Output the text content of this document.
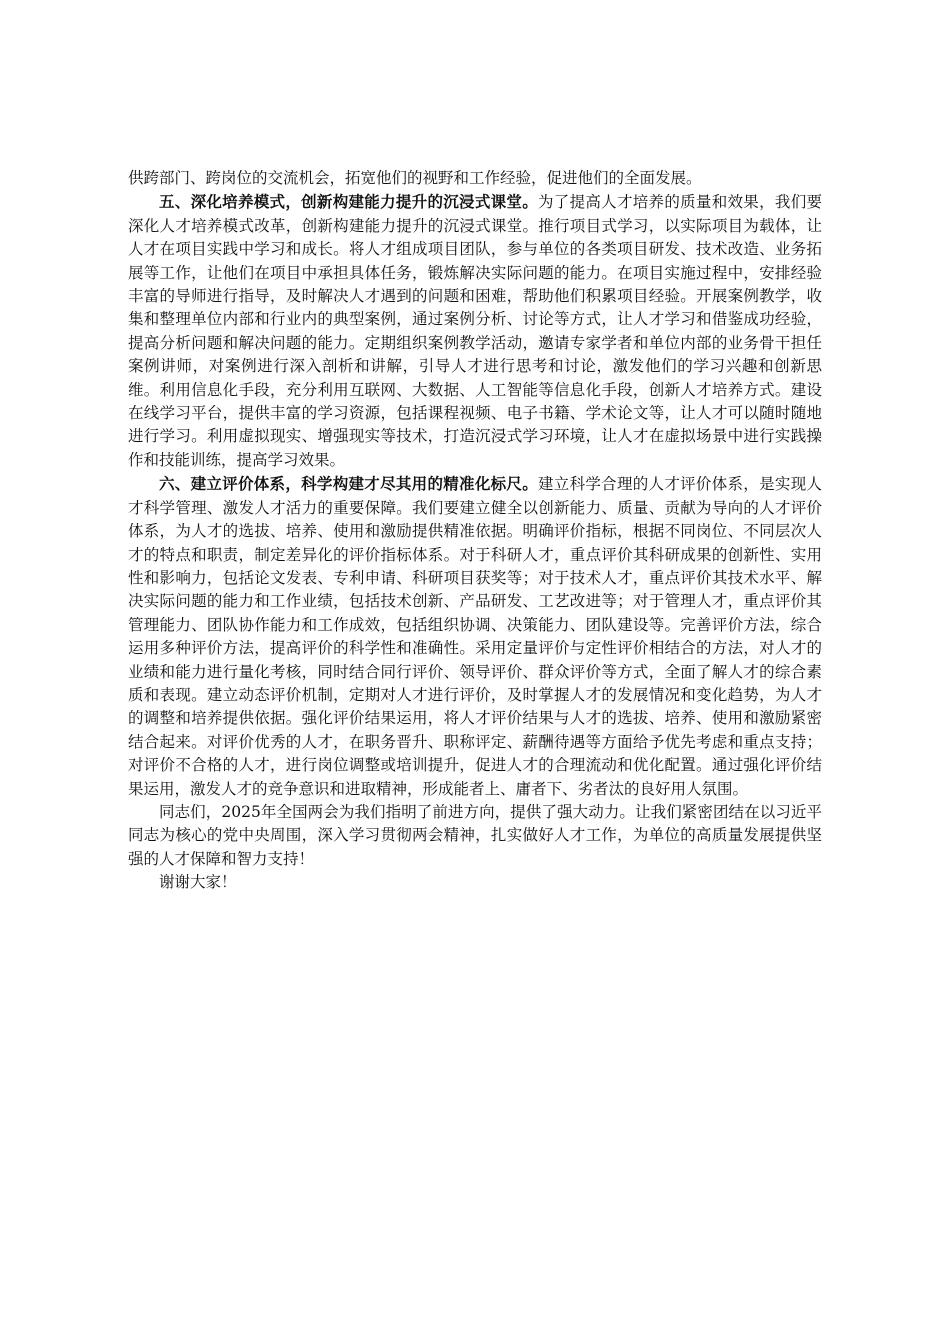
供跨部门、跨岗位的交流机会，拓宽他们的视野和工作经验，促进他们的全面发展。

五、深化培养模式，创新构建能力提升的沉浸式课堂。为了提高人才培养的质量和效果，我们要深化人才培养模式改革，创新构建能力提升的沉浸式课堂。推行项目式学习，以实际项目为载体，让人才在项目实践中学习和成长。将人才组成项目团队，参与单位的各类项目研发、技术改造、业务拓展等工作，让他们在项目中承担具体任务，锻炼解决实际问题的能力。在项目实施过程中，安排经验丰富的导师进行指导，及时解决人才遇到的问题和困难，帮助他们积累项目经验。开展案例教学，收集和整理单位内部和行业内的典型案例，通过案例分析、讨论等方式，让人才学习和借鉴成功经验，提高分析问题和解决问题的能力。定期组织案例教学活动，邀请专家学者和单位内部的业务骨干担任案例讲师，对案例进行深入剖析和讲解，引导人才进行思考和讨论，激发他们的学习兴趣和创新思维。利用信息化手段，充分利用互联网、大数据、人工智能等信息化手段，创新人才培养方式。建设在线学习平台，提供丰富的学习资源，包括课程视频、电子书籍、学术论文等，让人才可以随时随地进行学习。利用虚拟现实、增强现实等技术，打造沉浸式学习环境，让人才在虚拟场景中进行实践操作和技能训练，提高学习效果。

六、建立评价体系，科学构建才尽其用的精准化标尺。建立科学合理的人才评价体系，是实现人才科学管理、激发人才活力的重要保障。我们要建立健全以创新能力、质量、贡献为导向的人才评价体系，为人才的选拔、培养、使用和激励提供精准依据。明确评价指标，根据不同岗位、不同层次人才的特点和职责，制定差异化的评价指标体系。对于科研人才，重点评价其科研成果的创新性、实用性和影响力，包括论文发表、专利申请、科研项目获奖等；对于技术人才，重点评价其技术水平、解决实际问题的能力和工作业绩，包括技术创新、产品研发、工艺改进等；对于管理人才，重点评价其管理能力、团队协作能力和工作成效，包括组织协调、决策能力、团队建设等。完善评价方法，综合运用多种评价方法，提高评价的科学性和准确性。采用定量评价与定性评价相结合的方法，对人才的业绩和能力进行量化考核，同时结合同行评价、领导评价、群众评价等方式，全面了解人才的综合素质和表现。建立动态评价机制，定期对人才进行评价，及时掌握人才的发展情况和变化趋势，为人才的调整和培养提供依据。强化评价结果运用，将人才评价结果与人才的选拔、培养、使用和激励紧密结合起来。对评价优秀的人才，在职务晋升、职称评定、薪酬待遇等方面给予优先考虑和重点支持；对评价不合格的人才，进行岗位调整或培训提升，促进人才的合理流动和优化配置。通过强化评价结果运用，激发人才的竞争意识和进取精神，形成能者上、庸者下、劣者汰的良好用人氛围。

同志们，2025年全国两会为我们指明了前进方向，提供了强大动力。让我们紧密团结在以习近平同志为核心的党中央周围，深入学习贯彻两会精神，扎实做好人才工作，为单位的高质量发展提供坚强的人才保障和智力支持！

谢谢大家！
